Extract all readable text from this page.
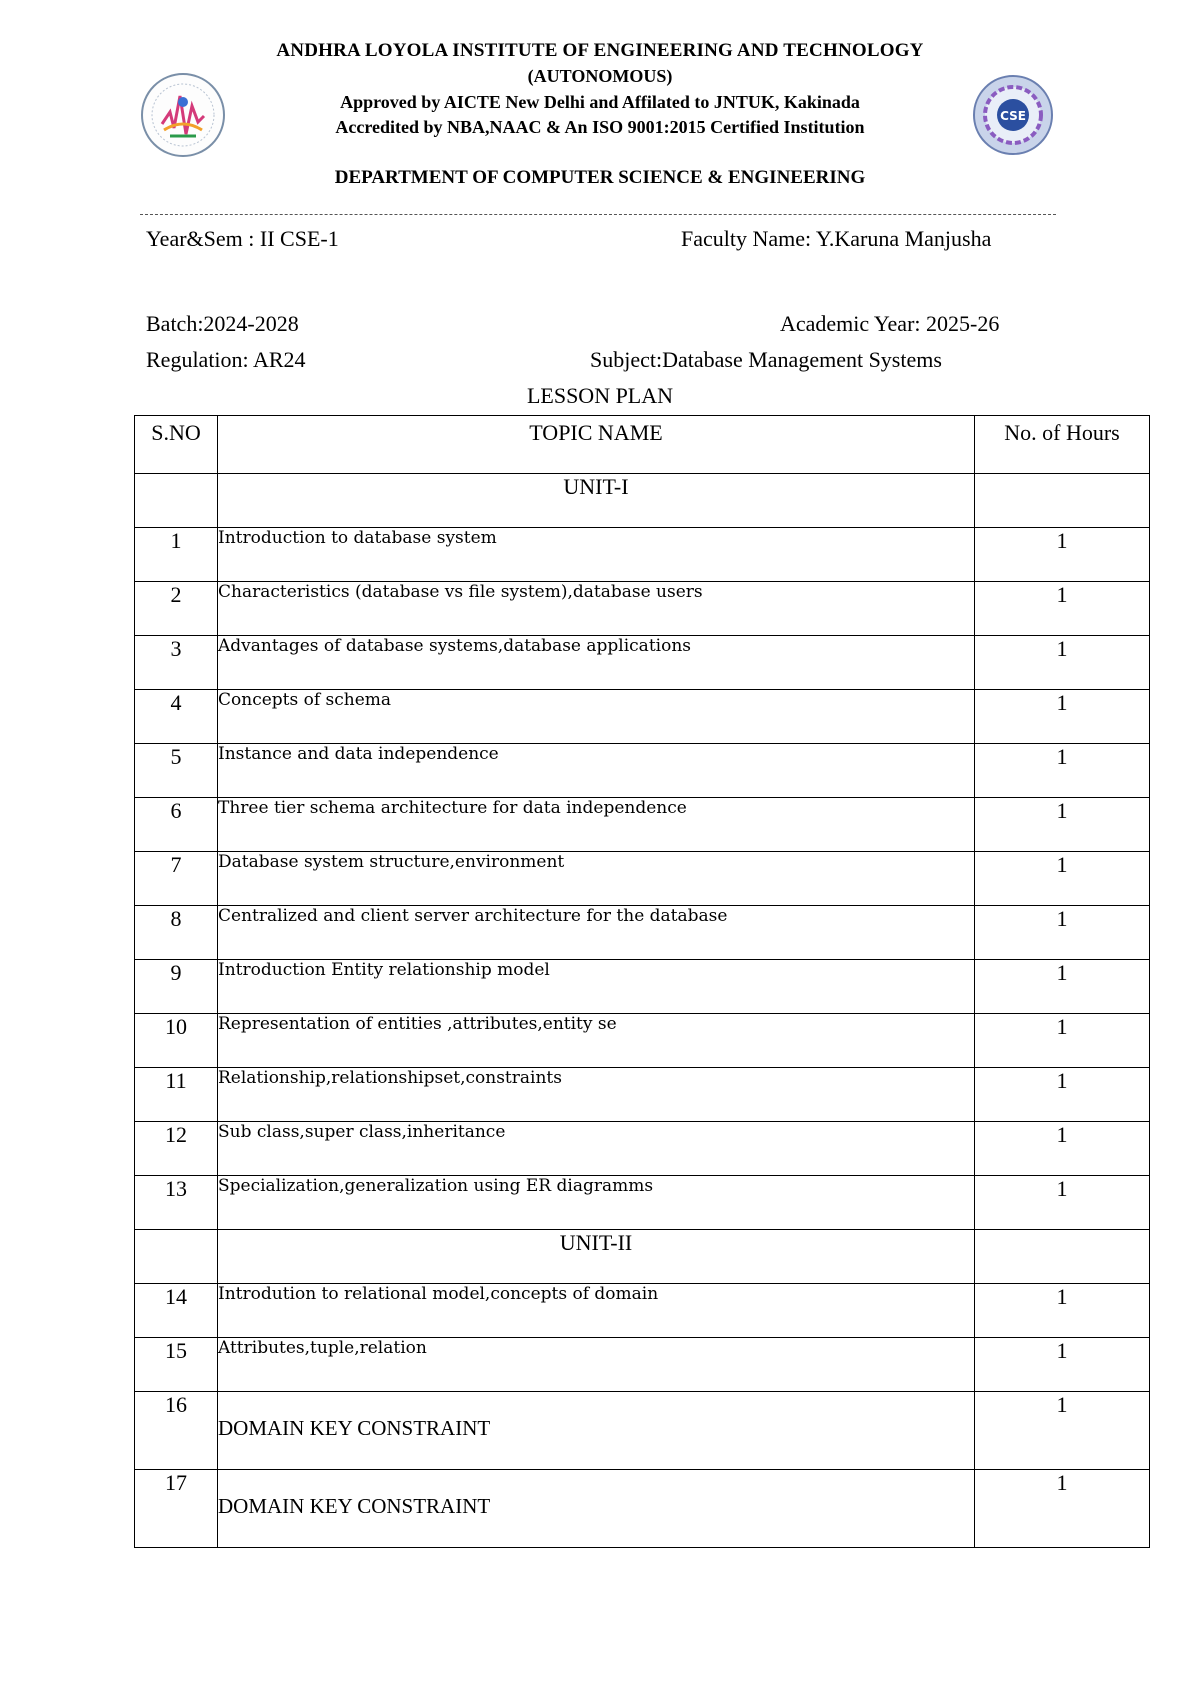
ANDHRA LOYOLA INSTITUTE OF ENGINEERING AND TECHNOLOGY
(AUTONOMOUS)
Approved by AICTE New Delhi and Affilated to JNTUK, Kakinada
Accredited by NBA,NAAC & An ISO 9001:2015 Certified Institution
CSE
DEPARTMENT OF COMPUTER SCIENCE & ENGINEERING
Year&Sem : II CSE-1	Faculty Name: Y.Karuna Manjusha
Batch:2024-2028	Academic Year: 2025-26
Regulation: AR24	Subject:Database Management Systems
LESSON PLAN
S.NO	TOPIC NAME	No. of Hours
	UNIT-I	
1	Introduction to database system	1
2	Characteristics (database vs file system),database users	1
3	Advantages of database systems,database applications	1
4	Concepts of schema	1
5	Instance and data independence	1
6	Three tier schema architecture for data independence	1
7	Database system structure,environment	1
8	Centralized and client server architecture for the database	1
9	Introduction Entity relationship model	1
10	Representation of entities ,attributes,entity se	1
11	Relationship,relationshipset,constraints	1
12	Sub class,super class,inheritance	1
13	Specialization,generalization using ER diagramms	1
	UNIT-II	
14	Introdution to relational model,concepts of domain	1
15	Attributes,tuple,relation	1
16	DOMAIN KEY CONSTRAINT	1
17	DOMAIN KEY CONSTRAINT	1
